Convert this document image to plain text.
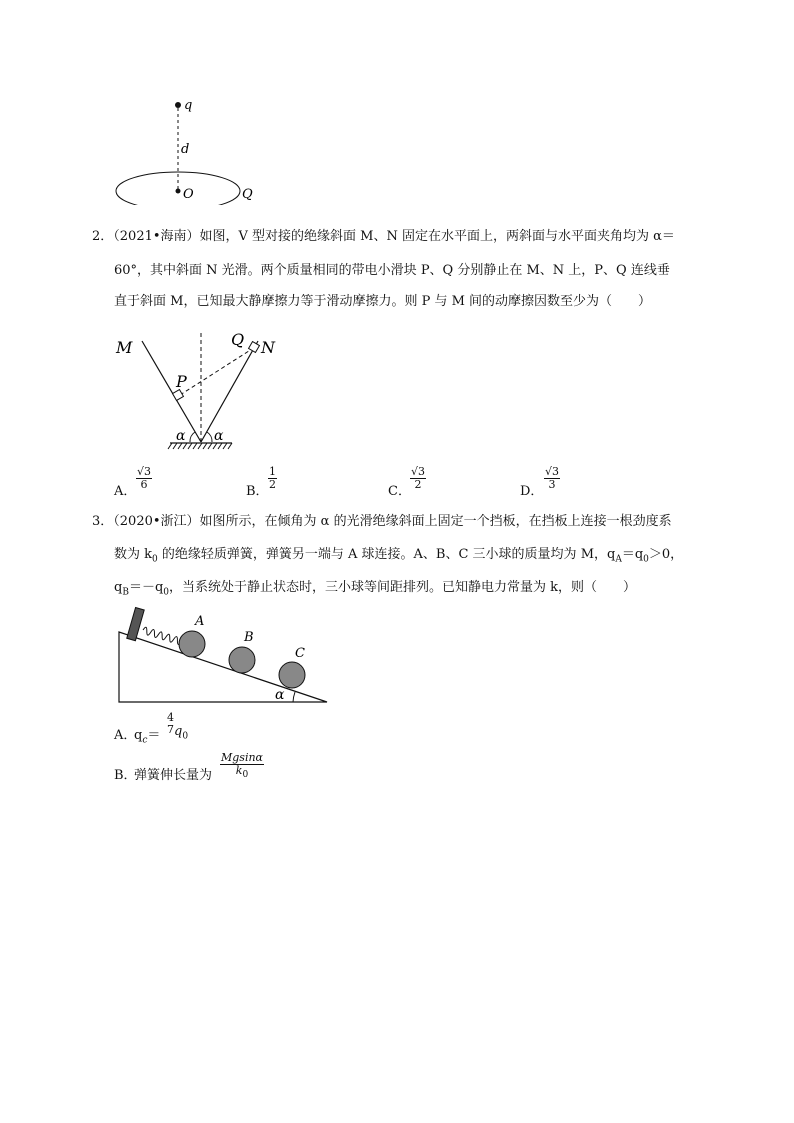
q
d
O	Q
2．（2021•海南）如图，V 型对接的绝缘斜面 M、N 固定在水平面上，两斜面与水平面夹角均为 α＝
60°，其中斜面 N 光滑。两个质量相同的带电小滑块 P、Q 分别静止在 M、N 上，P、Q 连线垂
直于斜面 M，已知最大静摩擦力等于滑动摩擦力。则 P 与 M 间的动摩擦因数至少为（　　）
M	N
P
Q
α α
A．
$\frac{√3}{6}$
B．
$\frac{1}{2}$
C．
$\frac{√3}{2}$
D．
$\frac{√3}{3}$
3．（2020•浙江）如图所示，在倾角为 α 的光滑绝缘斜面上固定一个挡板，在挡板上连接一根劲度系
数为 $k_0$ 的绝缘轻质弹簧，弹簧另一端与 A 球连接。A、B、C 三小球的质量均为 M，$q_A=q_0>0$，
$q_B=-q_0$，当系统处于静止状态时，三小球等间距排列。已知静电力常量为 k，则（　　）
A
B
C
α
A．
$q_c=$
4
7 $q_0$
B．
弹簧伸长量为 $\frac{Mgsin\alpha}{k_0}$
